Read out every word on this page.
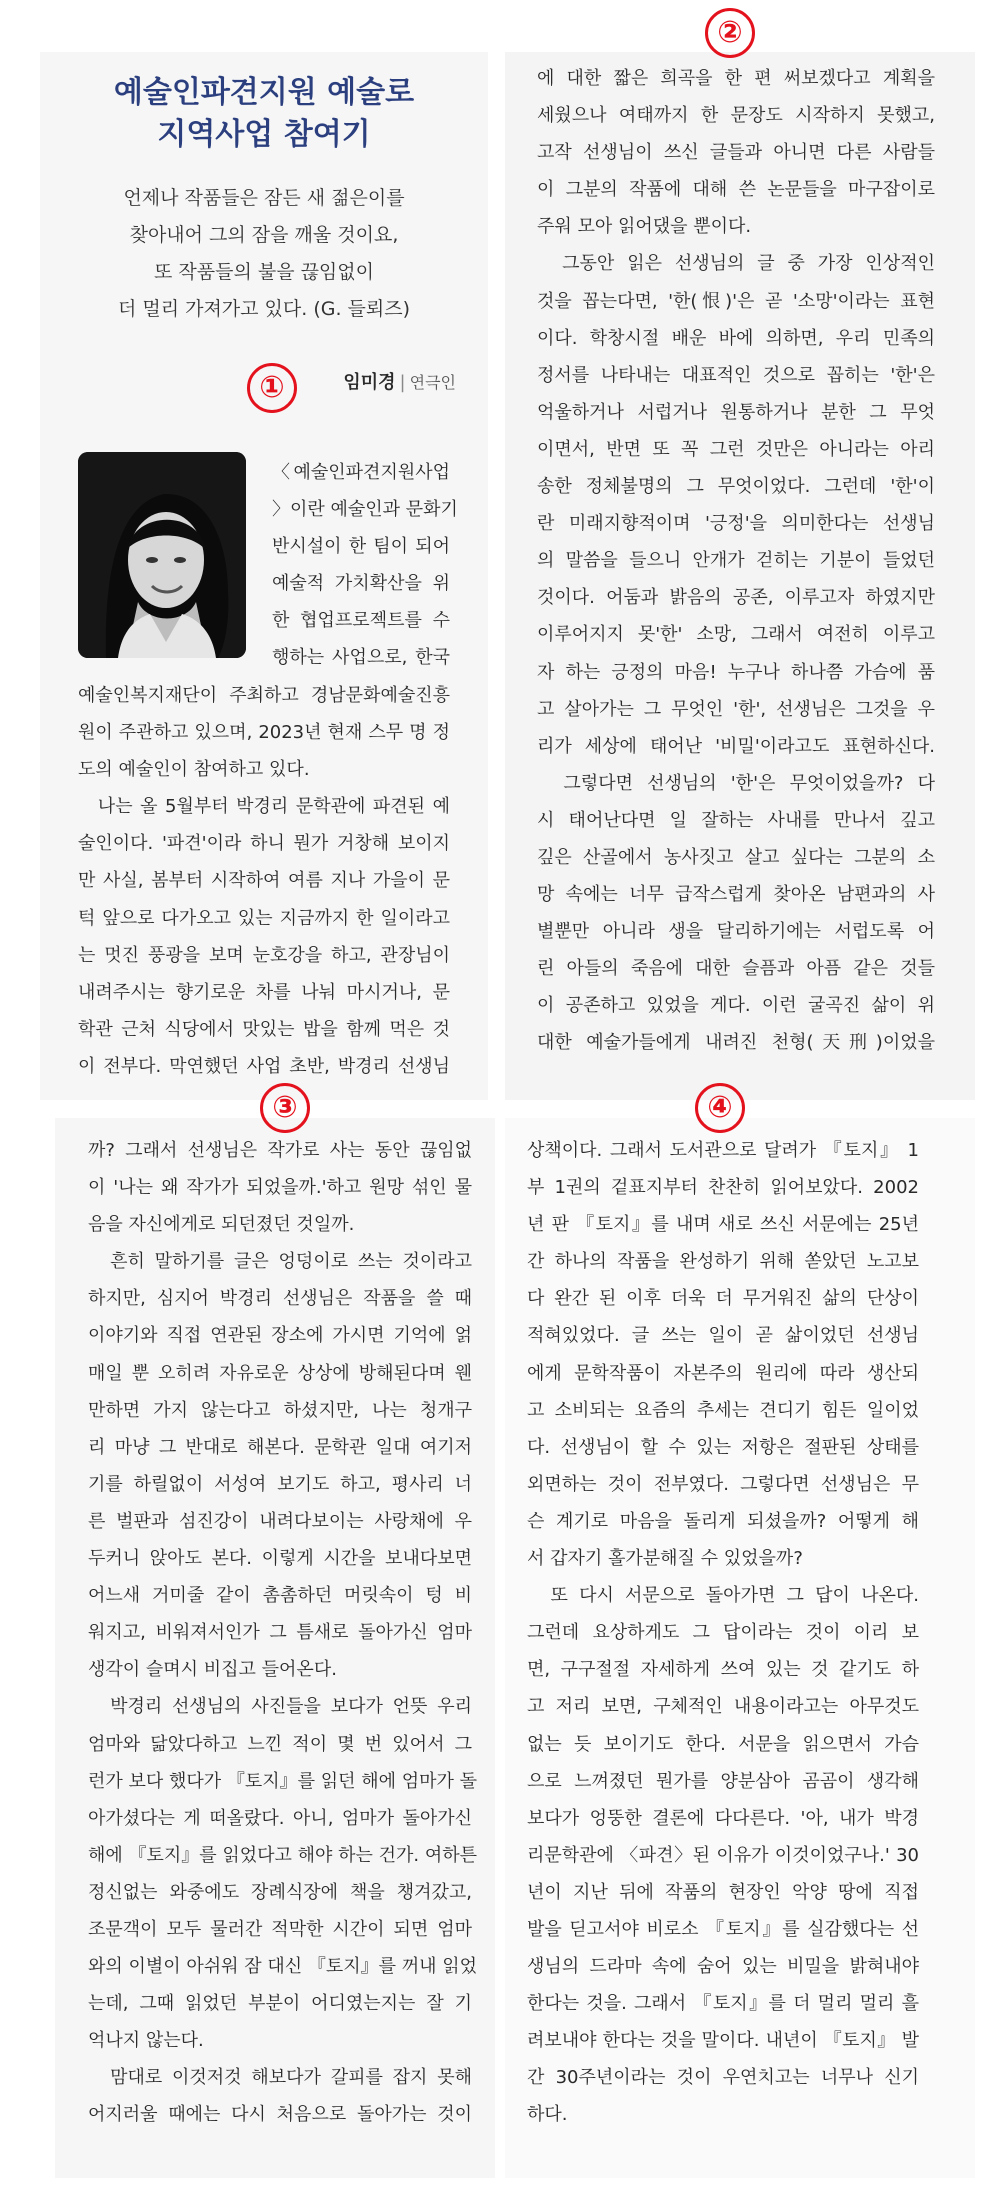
예술인파견지원 예술로
지역사업 참여기
언제나 작품들은 잠든 새 젊은이를
찾아내어 그의 잠을 깨울 것이요,
또 작품들의 불을 끊임없이
더 멀리 가져가고 있다. (G. 들뢰즈)
임미경 | 연극인
〈예술인파견지원사업
〉이란 예술인과 문화기
반시설이 한 팀이 되어
예술적 가치확산을 위
한 협업프로젝트를 수
행하는 사업으로, 한국
예술인복지재단이 주최하고 경남문화예술진흥
원이 주관하고 있으며, 2023년 현재 스무 명 정
도의 예술인이 참여하고 있다.
　나는 올 5월부터 박경리 문학관에 파견된 예
술인이다. '파견'이라 하니 뭔가 거창해 보이지
만 사실, 봄부터 시작하여 여름 지나 가을이 문
턱 앞으로 다가오고 있는 지금까지 한 일이라고
는 멋진 풍광을 보며 눈호강을 하고, 관장님이
내려주시는 향기로운 차를 나눠 마시거나, 문
학관 근처 식당에서 맛있는 밥을 함께 먹은 것
이 전부다. 막연했던 사업 초반, 박경리 선생님
에 대한 짧은 희곡을 한 편 써보겠다고 계획을
세웠으나 여태까지 한 문장도 시작하지 못했고,
고작 선생님이 쓰신 글들과 아니면 다른 사람들
이 그분의 작품에 대해 쓴 논문들을 마구잡이로
주워 모아 읽어댔을 뿐이다.
　그동안 읽은 선생님의 글 중 가장 인상적인
것을 꼽는다면, '한(恨)'은 곧 '소망'이라는 표현
이다. 학창시절 배운 바에 의하면, 우리 민족의
정서를 나타내는 대표적인 것으로 꼽히는 '한'은
억울하거나 서럽거나 원통하거나 분한 그 무엇
이면서, 반면 또 꼭 그런 것만은 아니라는 아리
송한 정체불명의 그 무엇이었다. 그런데 '한'이
란 미래지향적이며 '긍정'을 의미한다는 선생님
의 말씀을 들으니 안개가 걷히는 기분이 들었던
것이다. 어둠과 밝음의 공존, 이루고자 하였지만
이루어지지 못'한' 소망, 그래서 여전히 이루고
자 하는 긍정의 마음! 누구나 하나쯤 가슴에 품
고 살아가는 그 무엇인 '한', 선생님은 그것을 우
리가 세상에 태어난 '비밀'이라고도 표현하신다.
　그렇다면 선생님의 '한'은 무엇이었을까? 다
시 태어난다면 일 잘하는 사내를 만나서 깊고
깊은 산골에서 농사짓고 살고 싶다는 그분의 소
망 속에는 너무 급작스럽게 찾아온 남편과의 사
별뿐만 아니라 생을 달리하기에는 서럽도록 어
린 아들의 죽음에 대한 슬픔과 아픔 같은 것들
이 공존하고 있었을 게다. 이런 굴곡진 삶이 위
대한 예술가들에게 내려진 천형(天刑)이었을
까? 그래서 선생님은 작가로 사는 동안 끊임없
이 '나는 왜 작가가 되었을까.'하고 원망 섞인 물
음을 자신에게로 되던졌던 것일까.
　흔히 말하기를 글은 엉덩이로 쓰는 것이라고
하지만, 심지어 박경리 선생님은 작품을 쓸 때
이야기와 직접 연관된 장소에 가시면 기억에 얽
매일 뿐 오히려 자유로운 상상에 방해된다며 웬
만하면 가지 않는다고 하셨지만, 나는 청개구
리 마냥 그 반대로 해본다. 문학관 일대 여기저
기를 하릴없이 서성여 보기도 하고, 평사리 너
른 벌판과 섬진강이 내려다보이는 사랑채에 우
두커니 앉아도 본다. 이렇게 시간을 보내다보면
어느새 거미줄 같이 촘촘하던 머릿속이 텅 비
워지고, 비워져서인가 그 틈새로 돌아가신 엄마
생각이 슬며시 비집고 들어온다.
　박경리 선생님의 사진들을 보다가 언뜻 우리
엄마와 닮았다하고 느낀 적이 몇 번 있어서 그
런가 보다 했다가 『토지』를 읽던 해에 엄마가 돌
아가셨다는 게 떠올랐다. 아니, 엄마가 돌아가신
해에 『토지』를 읽었다고 해야 하는 건가. 여하튼
정신없는 와중에도 장례식장에 책을 챙겨갔고,
조문객이 모두 물러간 적막한 시간이 되면 엄마
와의 이별이 아쉬워 잠 대신 『토지』를 꺼내 읽었
는데, 그때 읽었던 부분이 어디였는지는 잘 기
억나지 않는다.
　맘대로 이것저것 해보다가 갈피를 잡지 못해
어지러울 때에는 다시 처음으로 돌아가는 것이
상책이다. 그래서 도서관으로 달려가 『토지』 1
부 1권의 겉표지부터 찬찬히 읽어보았다. 2002
년 판 『토지』를 내며 새로 쓰신 서문에는 25년
간 하나의 작품을 완성하기 위해 쏟았던 노고보
다 완간 된 이후 더욱 더 무거워진 삶의 단상이
적혀있었다. 글 쓰는 일이 곧 삶이었던 선생님
에게 문학작품이 자본주의 원리에 따라 생산되
고 소비되는 요즘의 추세는 견디기 힘든 일이었
다. 선생님이 할 수 있는 저항은 절판된 상태를
외면하는 것이 전부였다. 그렇다면 선생님은 무
슨 계기로 마음을 돌리게 되셨을까? 어떻게 해
서 갑자기 홀가분해질 수 있었을까?
　또 다시 서문으로 돌아가면 그 답이 나온다.
그런데 요상하게도 그 답이라는 것이 이리 보
면, 구구절절 자세하게 쓰여 있는 것 같기도 하
고 저리 보면, 구체적인 내용이라고는 아무것도
없는 듯 보이기도 한다. 서문을 읽으면서 가슴
으로 느껴졌던 뭔가를 양분삼아 곰곰이 생각해
보다가 엉뚱한 결론에 다다른다. '아, 내가 박경
리문학관에 〈파견〉된 이유가 이것이었구나.' 30
년이 지난 뒤에 작품의 현장인 악양 땅에 직접
발을 딛고서야 비로소 『토지』를 실감했다는 선
생님의 드라마 속에 숨어 있는 비밀을 밝혀내야
한다는 것을. 그래서 『토지』를 더 멀리 멀리 흘
려보내야 한다는 것을 말이다. 내년이 『토지』 발
간 30주년이라는 것이 우연치고는 너무나 신기
하다.
①
②
③	④
